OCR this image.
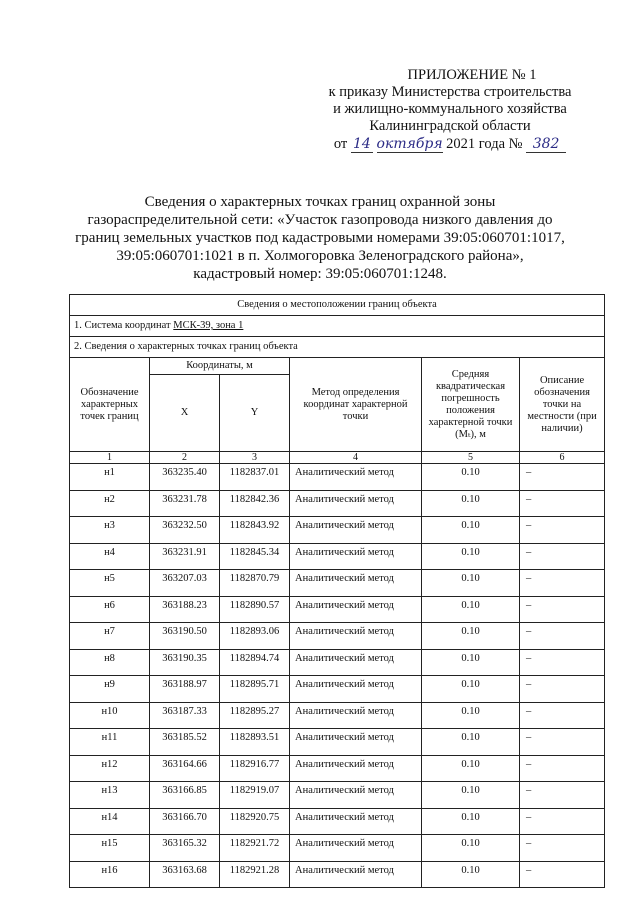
ПРИЛОЖЕНИЕ № 1
к приказу Министерства строительства
и жилищно-коммунального хозяйства
Калининградской области
от 14 октября 2021 года № 382
Сведения о характерных точках границ охранной зоны
газораспределительной сети: «Участок газопровода низкого давления до
границ земельных участков под кадастровыми номерами 39:05:060701:1017,
39:05:060701:1021 в п. Холмогоровка Зеленоградского района»,
кадастровый номер: 39:05:060701:1248.
Сведения о местоположении границ объекта					
1. Система координат МСК-39, зона 1					
2. Сведения о характерных точках границ объекта					
Обозначение характерных точек границ	Координаты, м		Метод определения координат характерной точки	Средняя квадратическая погрешность положения характерной точки (Mₜ), м	Описание обозначения точки на местности (при наличии)
	X	Y			
1	2	3	4	5	6
н1	363235.40	1182837.01	Аналитический метод	0.10	–
н2	363231.78	1182842.36	Аналитический метод	0.10	–
н3	363232.50	1182843.92	Аналитический метод	0.10	–
н4	363231.91	1182845.34	Аналитический метод	0.10	–
н5	363207.03	1182870.79	Аналитический метод	0.10	–
н6	363188.23	1182890.57	Аналитический метод	0.10	–
н7	363190.50	1182893.06	Аналитический метод	0.10	–
н8	363190.35	1182894.74	Аналитический метод	0.10	–
н9	363188.97	1182895.71	Аналитический метод	0.10	–
н10	363187.33	1182895.27	Аналитический метод	0.10	–
н11	363185.52	1182893.51	Аналитический метод	0.10	–
н12	363164.66	1182916.77	Аналитический метод	0.10	–
н13	363166.85	1182919.07	Аналитический метод	0.10	–
н14	363166.70	1182920.75	Аналитический метод	0.10	–
н15	363165.32	1182921.72	Аналитический метод	0.10	–
н16	363163.68	1182921.28	Аналитический метод	0.10	–
